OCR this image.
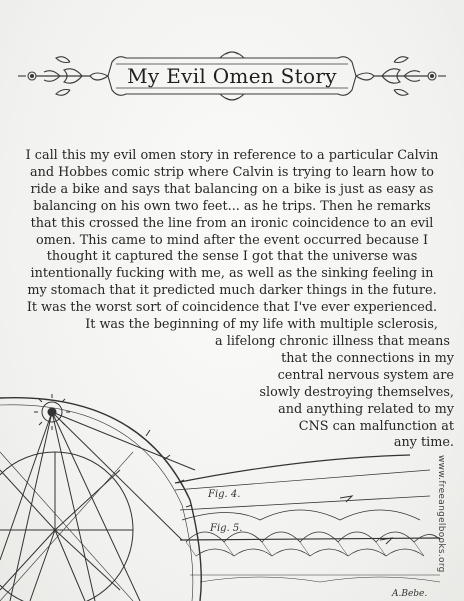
My Evil Omen Story
I call this my evil omen story in reference to a particular Calvin
and Hobbes comic strip where Calvin is trying to learn how to
ride a bike and says that balancing on a bike is just as easy as
balancing on his own two feet... as he trips. Then he remarks
that this crossed the line from an ironic coincidence to an evil
omen. This came to mind after the event occurred because I
thought it captured the sense I got that the universe was
intentionally fucking with me, as well as the sinking feeling in
my stomach that it predicted much darker things in the future.
It was the worst sort of coincidence that I've ever experienced.
It was the beginning of my life with multiple sclerosis,
a lifelong chronic illness that means
that the connections in my
central nervous system are
slowly destroying themselves,
and anything related to my
CNS can malfunction at
any time.
Fig. 4.
Fig. 5.
A.Bebe.
www.freeangelbooks.org
